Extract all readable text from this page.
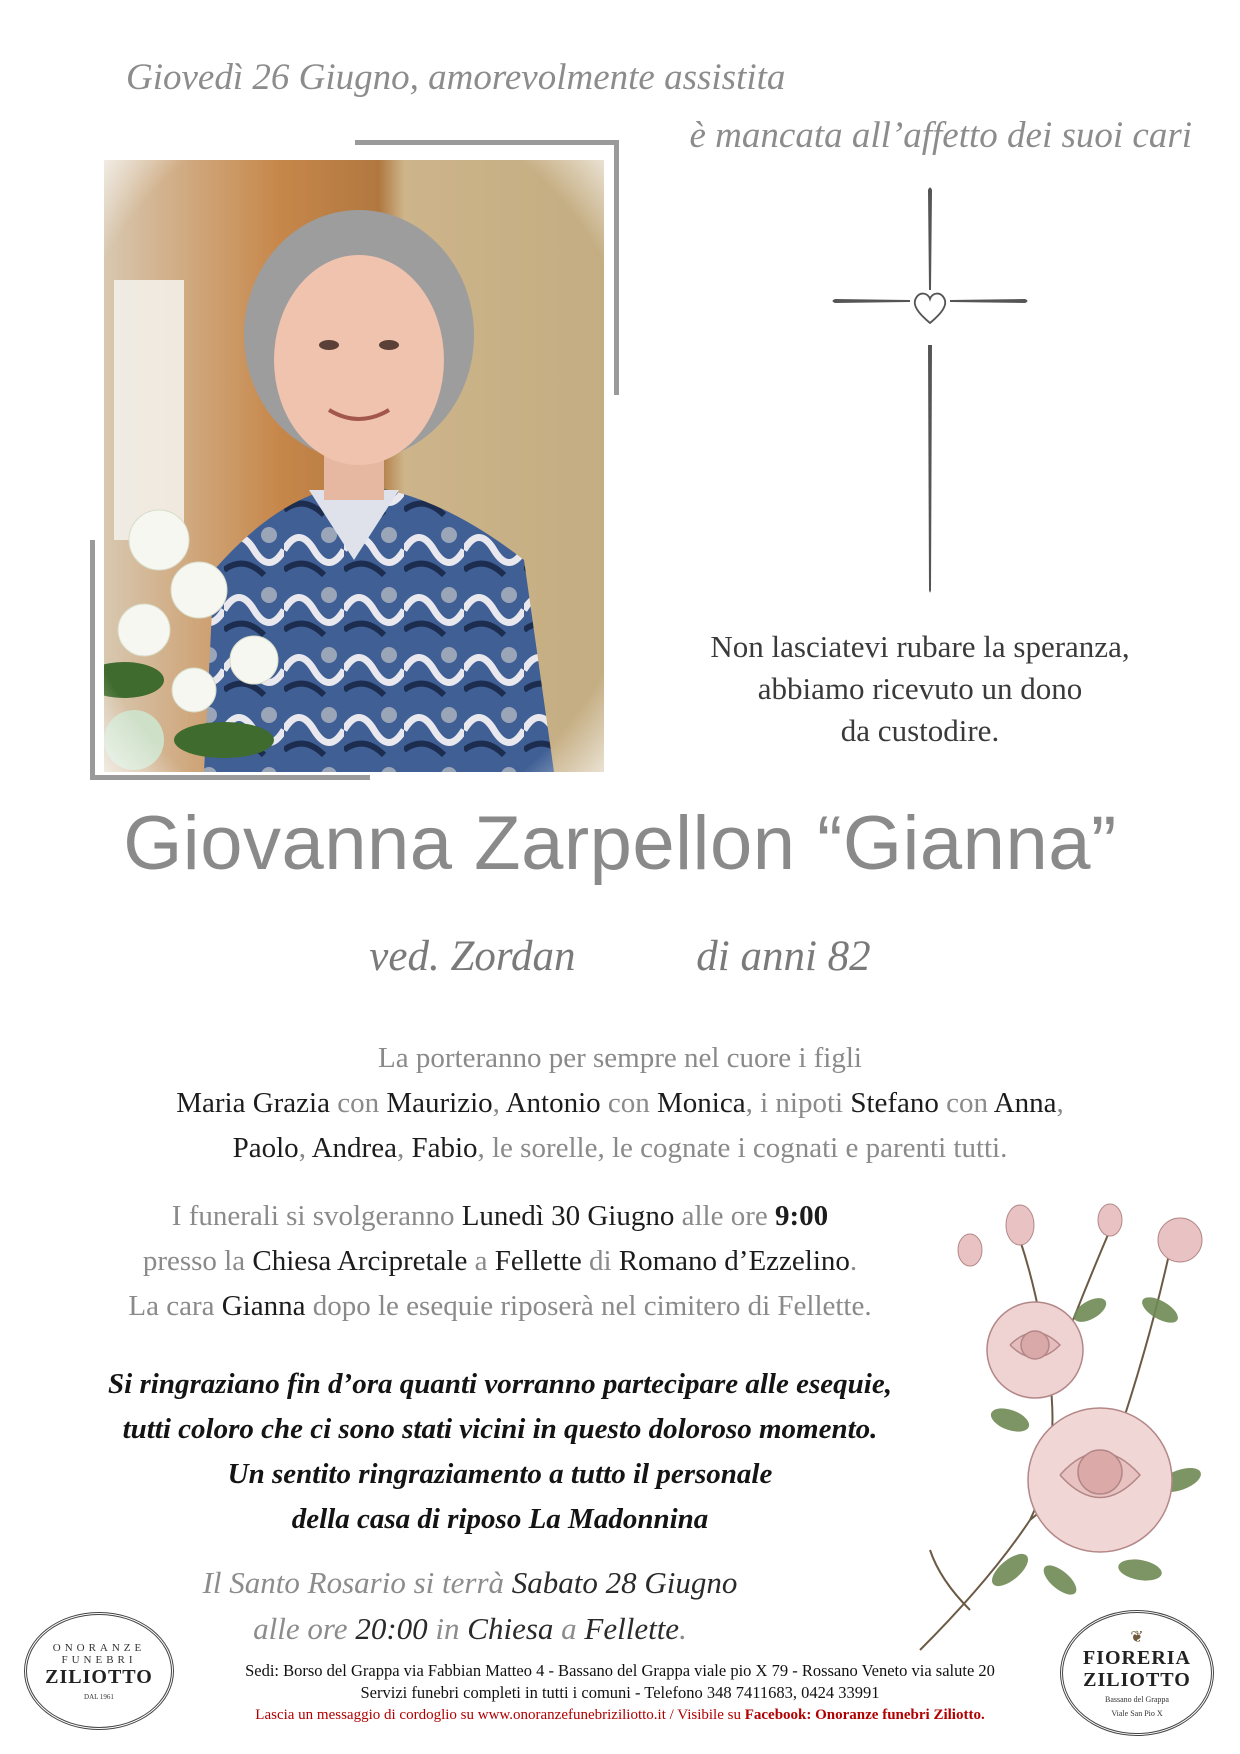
Giovedì 26 Giugno, amorevolmente assistita
è mancata all’affetto dei suoi cari
Non lasciatevi rubare la speranza,
abbiamo ricevuto un dono
da custodire.
Giovanna Zarpellon “Gianna”
ved. Zordan	di anni 82
La porteranno per sempre nel cuore i figli
Maria Grazia con Maurizio, Antonio con Monica, i nipoti Stefano con Anna,
Paolo, Andrea, Fabio, le sorelle, le cognate i cognati e parenti tutti.
I funerali si svolgeranno Lunedì 30 Giugno alle ore 9:00
presso la Chiesa Arcipretale a Fellette di Romano d’Ezzelino.
La cara Gianna dopo le esequie riposerà nel cimitero di Fellette.
Si ringraziano fin d’ora quanti vorranno partecipare alle esequie,
tutti coloro che ci sono stati vicini in questo doloroso momento.
Un sentito ringraziamento a tutto il personale
della casa di riposo La Madonnina
Il Santo Rosario si terrà Sabato 28 Giugno
alle ore 20:00 in Chiesa a Fellette.
ONORANZE
FUNEBRI
ZILIOTTO
DAL 1961
❦
FIORERIA
ZILIOTTO
Bassano del Grappa
Viale San Pio X
Sedi: Borso del Grappa via Fabbian Matteo 4 - Bassano del Grappa viale pio X 79 - Rossano Veneto via salute 20
Servizi funebri completi in tutti i comuni - Telefono 348 7411683, 0424 33991
Lascia un messaggio di cordoglio su www.onoranzefunebriziliotto.it / Visibile su Facebook: Onoranze funebri Ziliotto.
